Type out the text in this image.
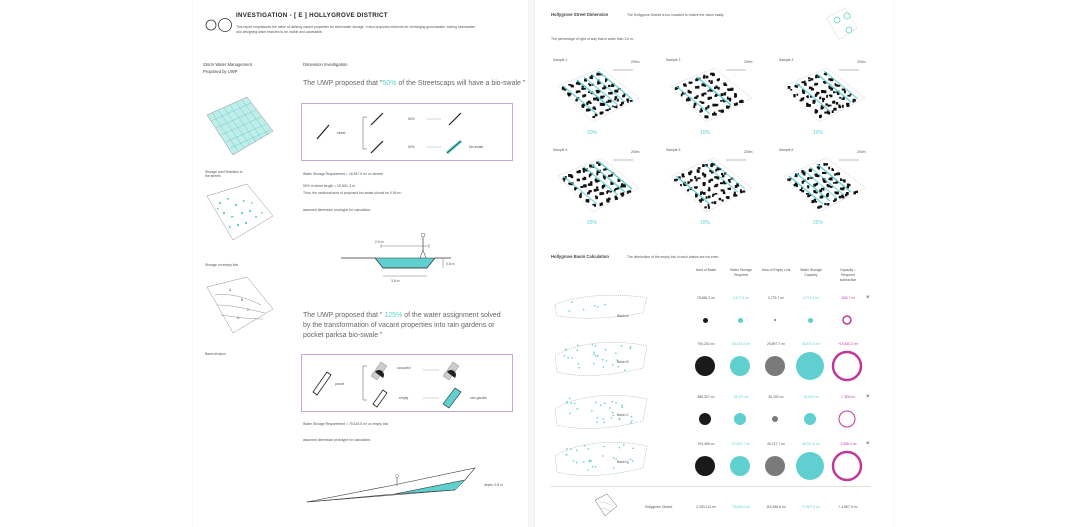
INVESTIGATION - [ E ] HOLLYGROVE DISTRICT
This report emphasizes the value of utilizing vacant properties for stormwater storage. It also proposes methods for recharging groundwater, storing stormwater,
and designing water features to be visible and accessible.
Storm Water Management
Proposed by UWP
Storage and Retention in the streets
Storage on empty lots
A
B
C
D
Basin division
Dimension Investigation
The UWP proposed that "50% of the Streetscaps will have a bio-swale "
street
50%
50%	bio-swale
Water Storage Requirement = 16,947.5 m³ on streets
50% of street length = 18,000 .3 m
Thus, the sectional area of proposed bio-swale should be 0.94 m²
assumed dimension prototype for calculation:
2.6 m
0.8 m
3.8 m
The UWP proposed that " 125% of the water assignment solved by the transformation of vacant properties into rain gardens or pocket parksa bio-swale "
parcel
occupied
empty	rain garden
Water Storage Requirement = 78,615.5 m³ on empty lots
assumed dimension prototype for calculation:
depth: 0.8 m
Hollygrove Street Dimension	The Hollygrove District is too crowded to realize the vision easily.
The percentage of right of way that is wider than 3.6 m:
Sample 1	200m
20%
Sample 2	200m
10%
Sample 3	200m
10%
Sample 4	200m
25%
Sample 5	200m
10%
Sample 6	200m
25%
Hollygrove Basin Calculation	The distribution of the empty lots in each basins are not even.
Area of Basin	Water Storage Required
Area of Empty Lots	Water Storage Capacity
Capacity – Required subtraction
Basin A
78,836.3 m²	3,277.6 m³	3,779.7 m²	2,771.9 m³	-506.7 m³	×
Basin B
790,233 m²	38,437.8 m³	25,897.7 m²	38,872.5 m³	+19,820.3 m³
Basin C
388,327 m²	18,327 m³	35,392 m²	18,322 m³	-7,803 m³	×
Basin D
794,456 m²	37,467.7 m³	45,747.7 m²	38,317.5 m³	-2,556.4 m³	×
Hollygrove District	2,333,113 m²	78,615.5 m³	116,358.8 m²	77,827.9 m³	+ 4,867.9 m³
